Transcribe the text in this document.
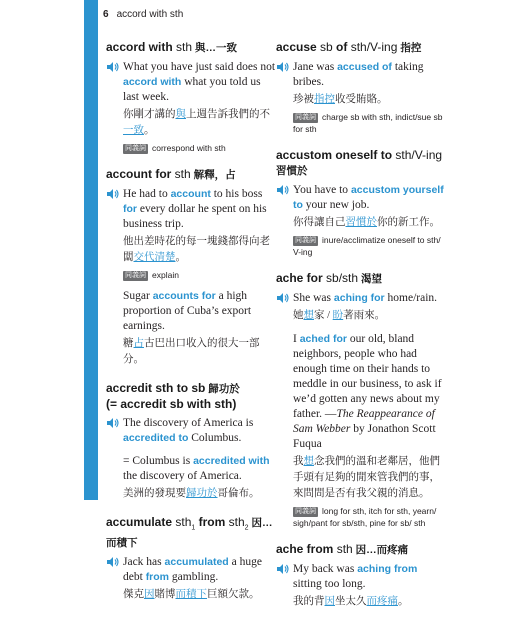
6 accord with sth
accord with sth 與…一致
What you have just said does not accord with what you told us last week.
你剛才講的與上週告訴我們的不一致。
同義詞 correspond with sth
account for sth 解釋，占
He had to account to his boss for every dollar he spent on his business trip.
他出差時花的每一塊錢都得向老闆交代清楚。
同義詞 explain
Sugar accounts for a high proportion of Cuba’s export earnings.
糖占古巴出口收入的很大一部分。
accredit sth to sb 歸功於
(= accredit sb with sth)
The discovery of America is accredited to Columbus.
= Columbus is accredited with the discovery of America.
美洲的發現要歸功於哥倫布。
accumulate sth$_1$ from sth$_2$ 因…而積下
Jack has accumulated a huge debt from gambling.
傑克因賭博而積下巨額欠款。
accuse sb of sth/V-ing 指控
Jane was accused of taking bribes.
珍被指控收受賄賂。
同義詞 charge sb with sth, indict/sue sb for sth
accustom oneself to sth/V-ing
習慣於
You have to accustom yourself to your new job.
你得讓自己習慣於你的新工作。
同義詞 inure/acclimatize oneself to sth/ V-ing
ache for sb/sth 渴望
She was aching for home/rain.
她想家 / 盼著雨來。
I ached for our old, bland neighbors, people who had enough time on their hands to meddle in our business, to ask if we’d gotten any news about my father. —The Reappearance of Sam Webber by Jonathon Scott Fuqua
我想念我們的溫和老鄰居，他們手頭有足夠的閒來管我們的事，來問問是否有我父親的消息。
同義詞 long for sth, itch for sth, yearn/ sigh/pant for sb/sth, pine for sb/ sth
ache from sth 因…而疼痛
My back was aching from sitting too long.
我的背因坐太久而疼痛。
